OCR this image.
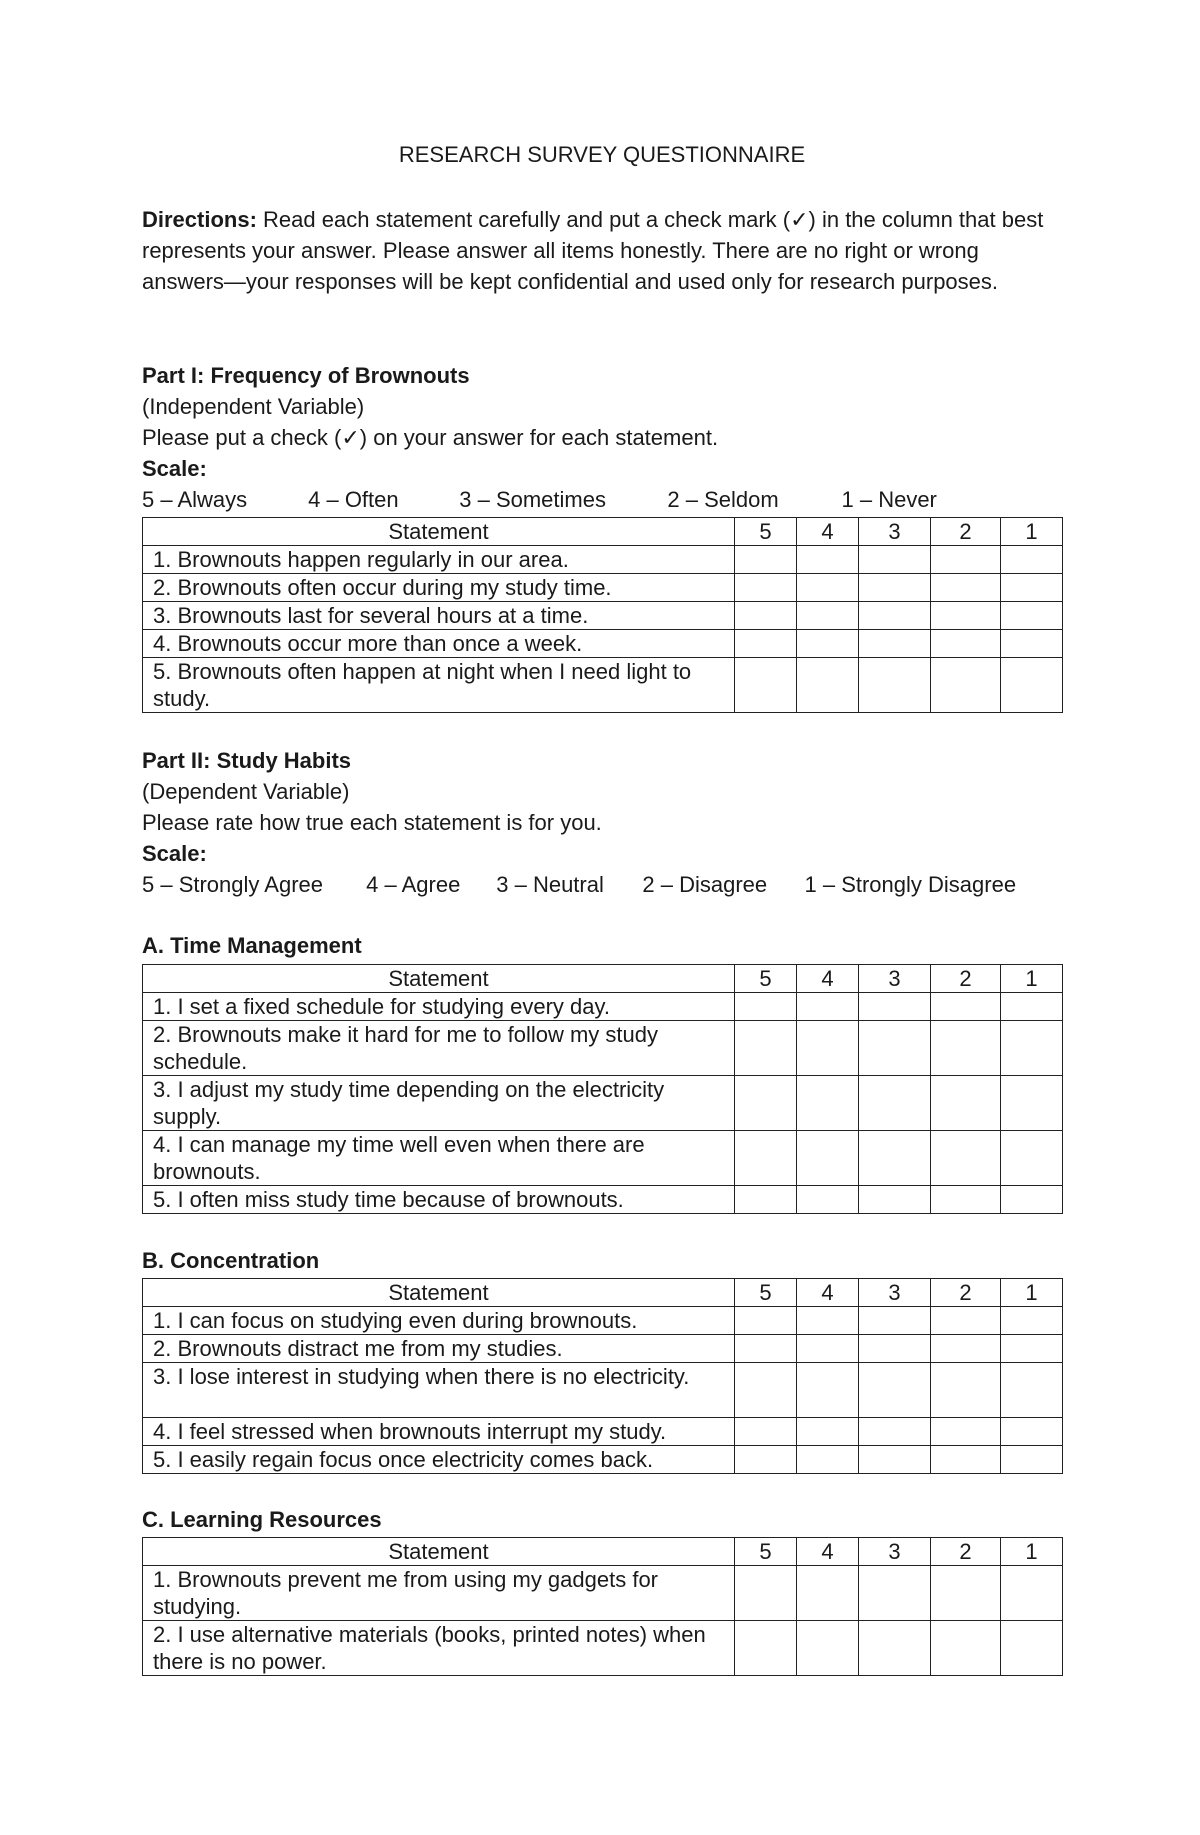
RESEARCH SURVEY QUESTIONNAIRE
Directions: Read each statement carefully and put a check mark (✓) in the column that best represents your answer. Please answer all items honestly. There are no right or wrong answers—your responses will be kept confidential and used only for research purposes.
Part I: Frequency of Brownouts
(Independent Variable)
Please put a check (✓) on your answer for each statement.
Scale:
5 – Always	4 – Often	3 – Sometimes	2 – Seldom	1 – Never
Statement	5	4	3	2	1
1. Brownouts happen regularly in our area.					
2. Brownouts often occur during my study time.					
3. Brownouts last for several hours at a time.					
4. Brownouts occur more than once a week.					
5. Brownouts often happen at night when I need light to study.					
Part II: Study Habits
(Dependent Variable)
Please rate how true each statement is for you.
Scale:
5 – Strongly Agree 4 – Agree 3 – Neutral 2 – Disagree 1 – Strongly Disagree
A. Time Management
Statement	5	4	3	2	1
1. I set a fixed schedule for studying every day.					
2. Brownouts make it hard for me to follow my study schedule.					
3. I adjust my study time depending on the electricity supply.					
4. I can manage my time well even when there are brownouts.					
5. I often miss study time because of brownouts.					
B. Concentration
Statement	5	4	3	2	1
1. I can focus on studying even during brownouts.					
2. Brownouts distract me from my studies.					
3. I lose interest in studying when there is no electricity.					
4. I feel stressed when brownouts interrupt my study.					
5. I easily regain focus once electricity comes back.					
C. Learning Resources
Statement	5	4	3	2	1
1. Brownouts prevent me from using my gadgets for studying.					
2. I use alternative materials (books, printed notes) when there is no power.					
